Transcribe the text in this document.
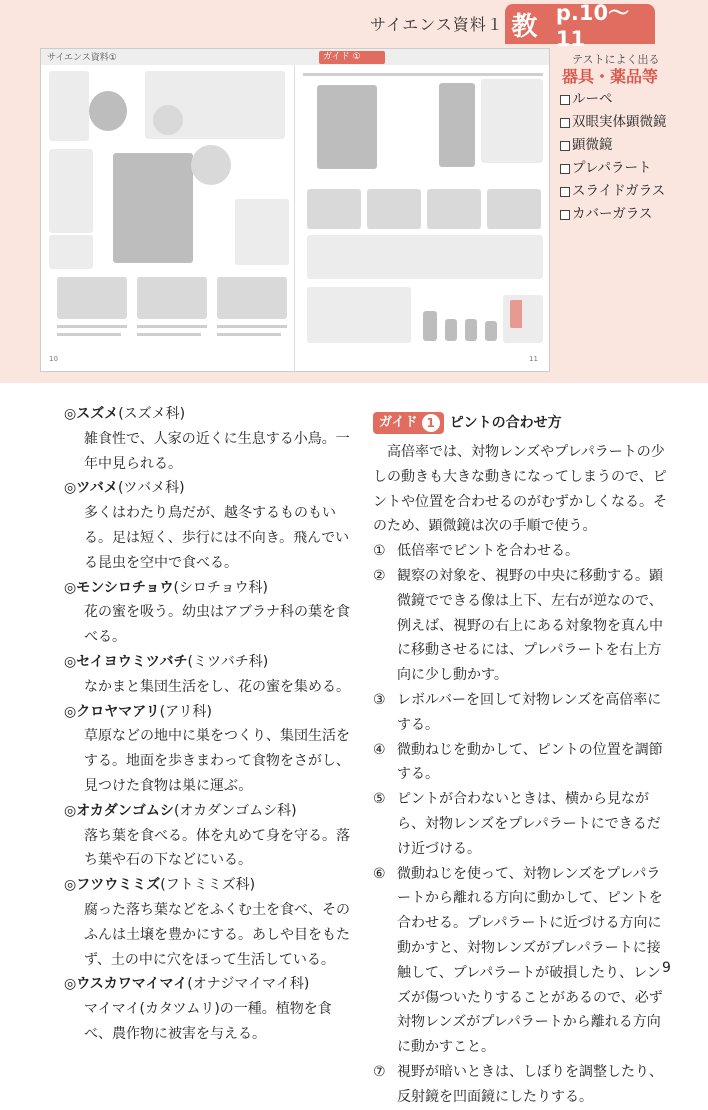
サイエンス資料１ 教 p.10〜11
サイエンス資料①	ガイド ①
10	11
テストによく出る
器具・薬品等
ルーペ
双眼実体顕微鏡
顕微鏡
プレパラート
スライドガラス
カバーガラス
◎スズメ(スズメ科)
雑食性で、人家の近くに生息する小鳥。一年中見られる。
◎ツバメ(ツバメ科)
多くはわたり鳥だが、越冬するものもいる。足は短く、歩行には不向き。飛んでいる昆虫を空中で食べる。
◎モンシロチョウ(シロチョウ科)
花の蜜を吸う。幼虫はアブラナ科の葉を食べる。
◎セイヨウミツバチ(ミツバチ科)
なかまと集団生活をし、花の蜜を集める。
◎クロヤマアリ(アリ科)
草原などの地中に巣をつくり、集団生活をする。地面を歩きまわって食物をさがし、見つけた食物は巣に運ぶ。
◎オカダンゴムシ(オカダンゴムシ科)
落ち葉を食べる。体を丸めて身を守る。落ち葉や石の下などにいる。
◎フツウミミズ(フトミミズ科)
腐った落ち葉などをふくむ土を食べ、そのふんは土壌を豊かにする。あしや目をもたず、土の中に穴をほって生活している。
◎ウスカワマイマイ(オナジマイマイ科)
マイマイ(カタツムリ)の一種。植物を食べ、農作物に被害を与える。
ガイド 1	ピントの合わせ方
高倍率では、対物レンズやプレパラートの少しの動きも大きな動きになってしまうので、ピントや位置を合わせるのがむずかしくなる。そのため、顕微鏡は次の手順で使う。
① 低倍率でピントを合わせる。
② 観察の対象を、視野の中央に移動する。顕微鏡でできる像は上下、左右が逆なので、例えば、視野の右上にある対象物を真ん中に移動させるには、プレパラートを右上方向に少し動かす。
③ レボルバーを回して対物レンズを高倍率にする。
④ 微動ねじを動かして、ピントの位置を調節する。
⑤ ピントが合わないときは、横から見ながら、対物レンズをプレパラートにできるだけ近づける。
⑥ 微動ねじを使って、対物レンズをプレパラートから離れる方向に動かして、ピントを合わせる。プレパラートに近づける方向に動かすと、対物レンズがプレパラートに接触して、プレパラートが破損したり、レンズが傷ついたりすることがあるので、必ず対物レンズがプレパラートから離れる方向に動かすこと。
⑦ 視野が暗いときは、しぼりを調整したり、反射鏡を凹面鏡にしたりする。
9
